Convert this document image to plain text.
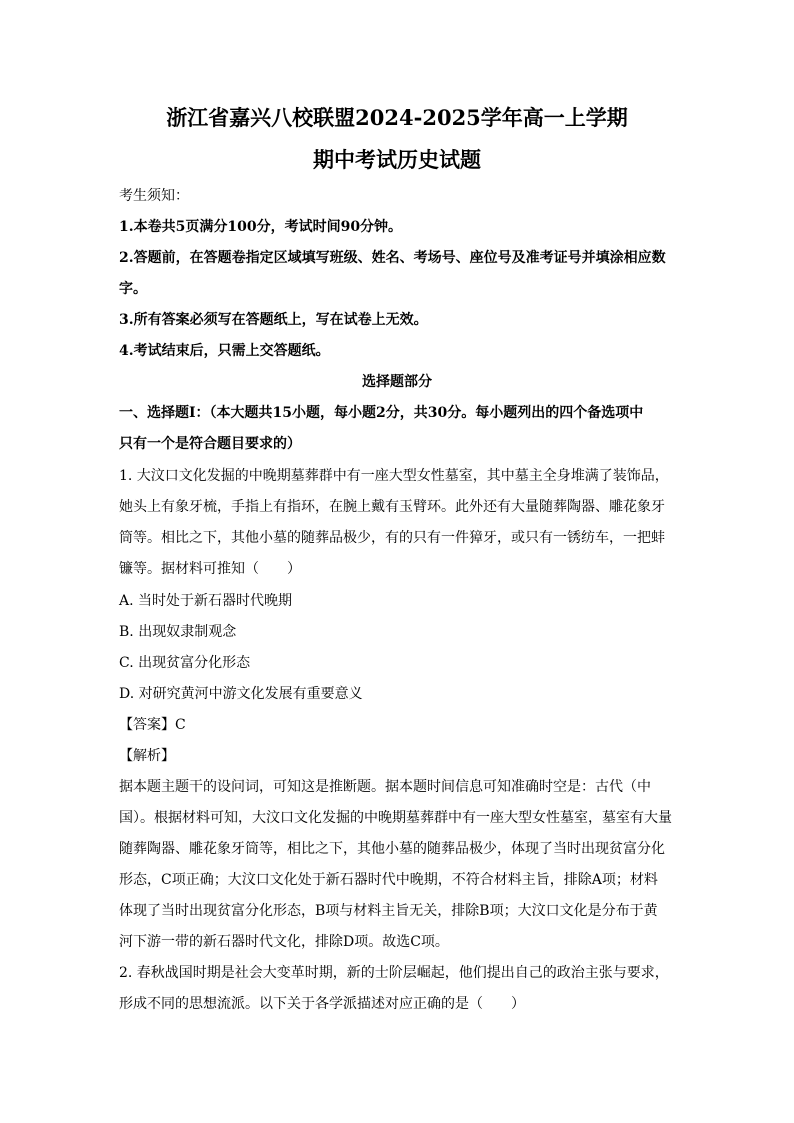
浙江省嘉兴八校联盟2024-2025学年高一上学期
期中考试历史试题
考生须知：
1.本卷共5页满分100分，考试时间90分钟。
2.答题前，在答题卷指定区域填写班级、姓名、考场号、座位号及准考证号并填涂相应数
字。
3.所有答案必须写在答题纸上，写在试卷上无效。
4.考试结束后，只需上交答题纸。
选择题部分
一、选择题Ⅰ：（本大题共15小题，每小题2分，共30分。每小题列出的四个备选项中
只有一个是符合题目要求的）
1. 大汶口文化发掘的中晚期墓葬群中有一座大型女性墓室，其中墓主全身堆满了装饰品，
她头上有象牙梳，手指上有指环，在腕上戴有玉臂环。此外还有大量随葬陶器、雕花象牙
筒等。相比之下，其他小墓的随葬品极少，有的只有一件獐牙，或只有一锈纺车，一把蚌
镰等。据材料可推知（　　）
A. 当时处于新石器时代晚期
B. 出现奴隶制观念
C. 出现贫富分化形态
D. 对研究黄河中游文化发展有重要意义
【答案】C
【解析】
据本题主题干的设问词，可知这是推断题。据本题时间信息可知准确时空是：古代（中
国）。根据材料可知，大汶口文化发掘的中晚期墓葬群中有一座大型女性墓室，墓室有大量
随葬陶器、雕花象牙筒等，相比之下，其他小墓的随葬品极少，体现了当时出现贫富分化
形态，C项正确；大汶口文化处于新石器时代中晚期，不符合材料主旨，排除A项；材料
体现了当时出现贫富分化形态，B项与材料主旨无关，排除B项；大汶口文化是分布于黄
河下游一带的新石器时代文化，排除D项。故选C项。
2. 春秋战国时期是社会大变革时期，新的士阶层崛起，他们提出自己的政治主张与要求，
形成不同的思想流派。以下关于各学派描述对应正确的是（　　）
